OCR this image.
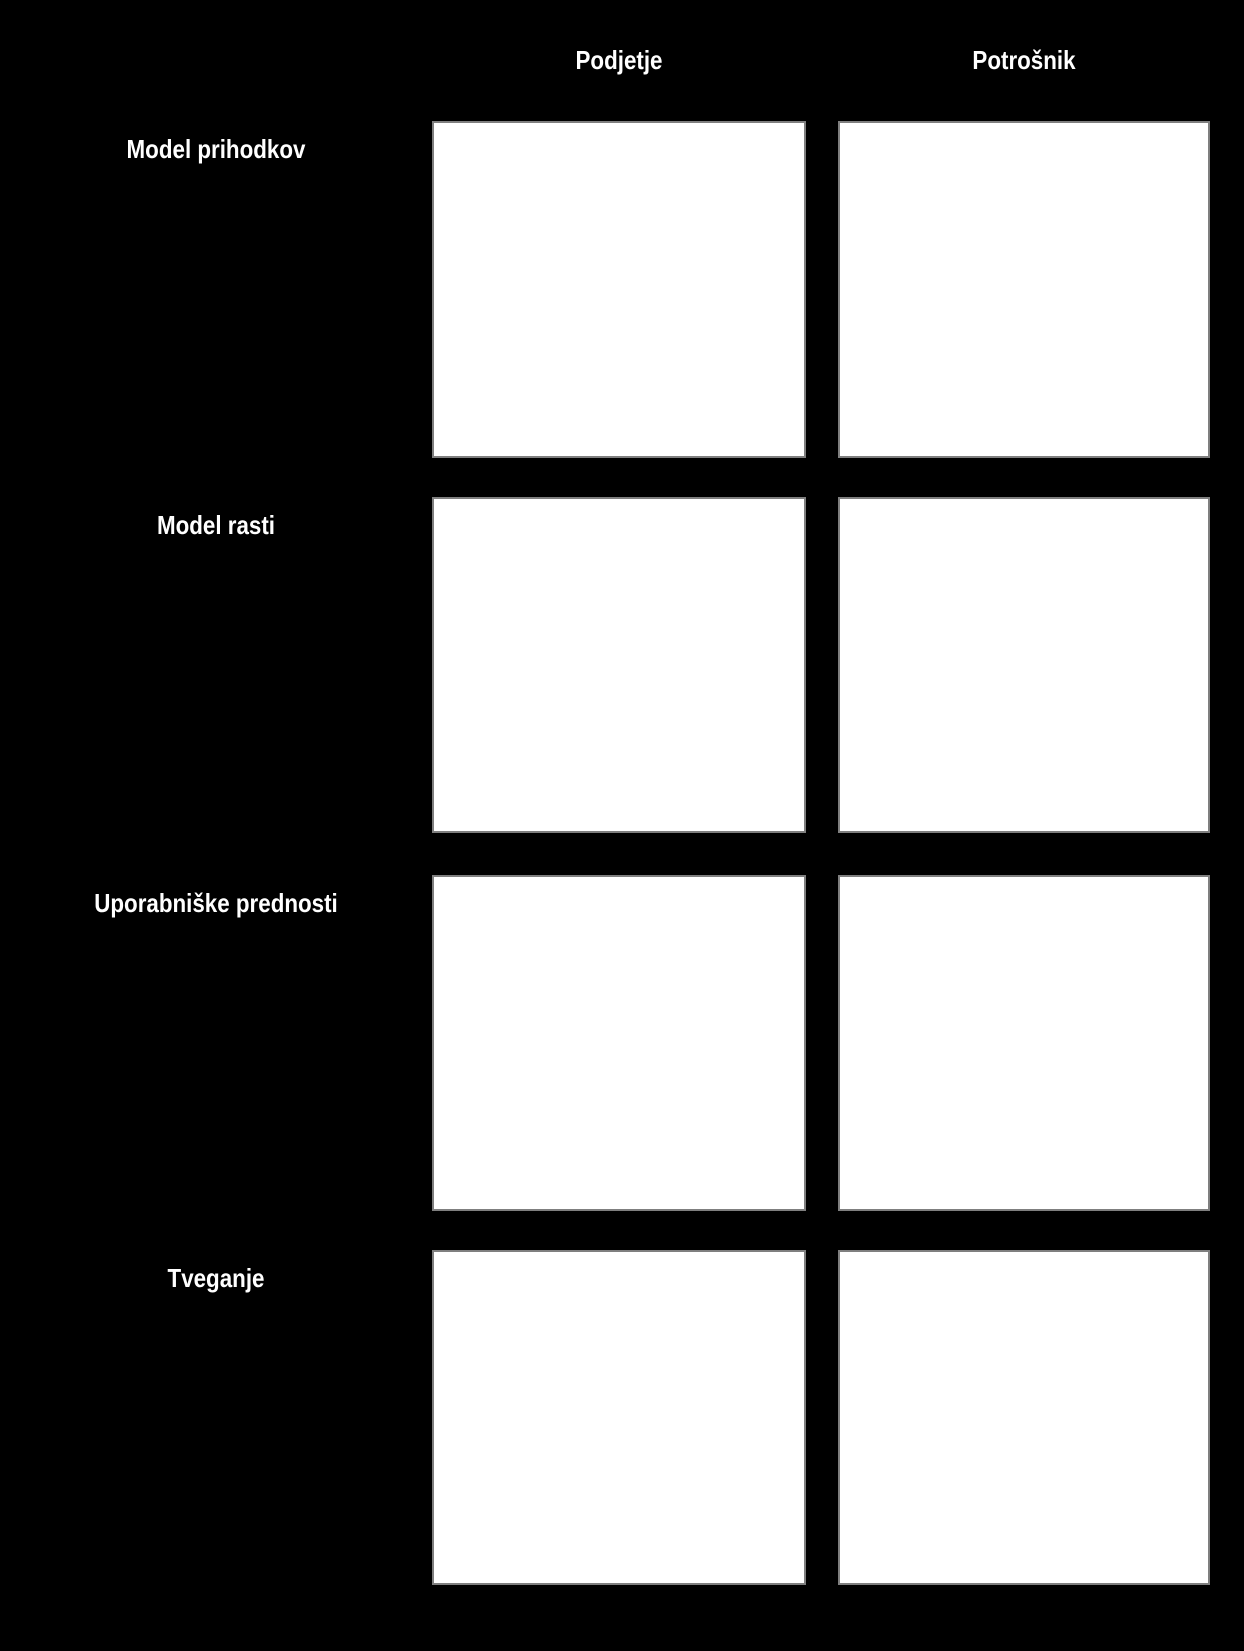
Podjetje	Potrošnik
Model prihodkov
Model rasti
Uporabniške prednosti
Tveganje
